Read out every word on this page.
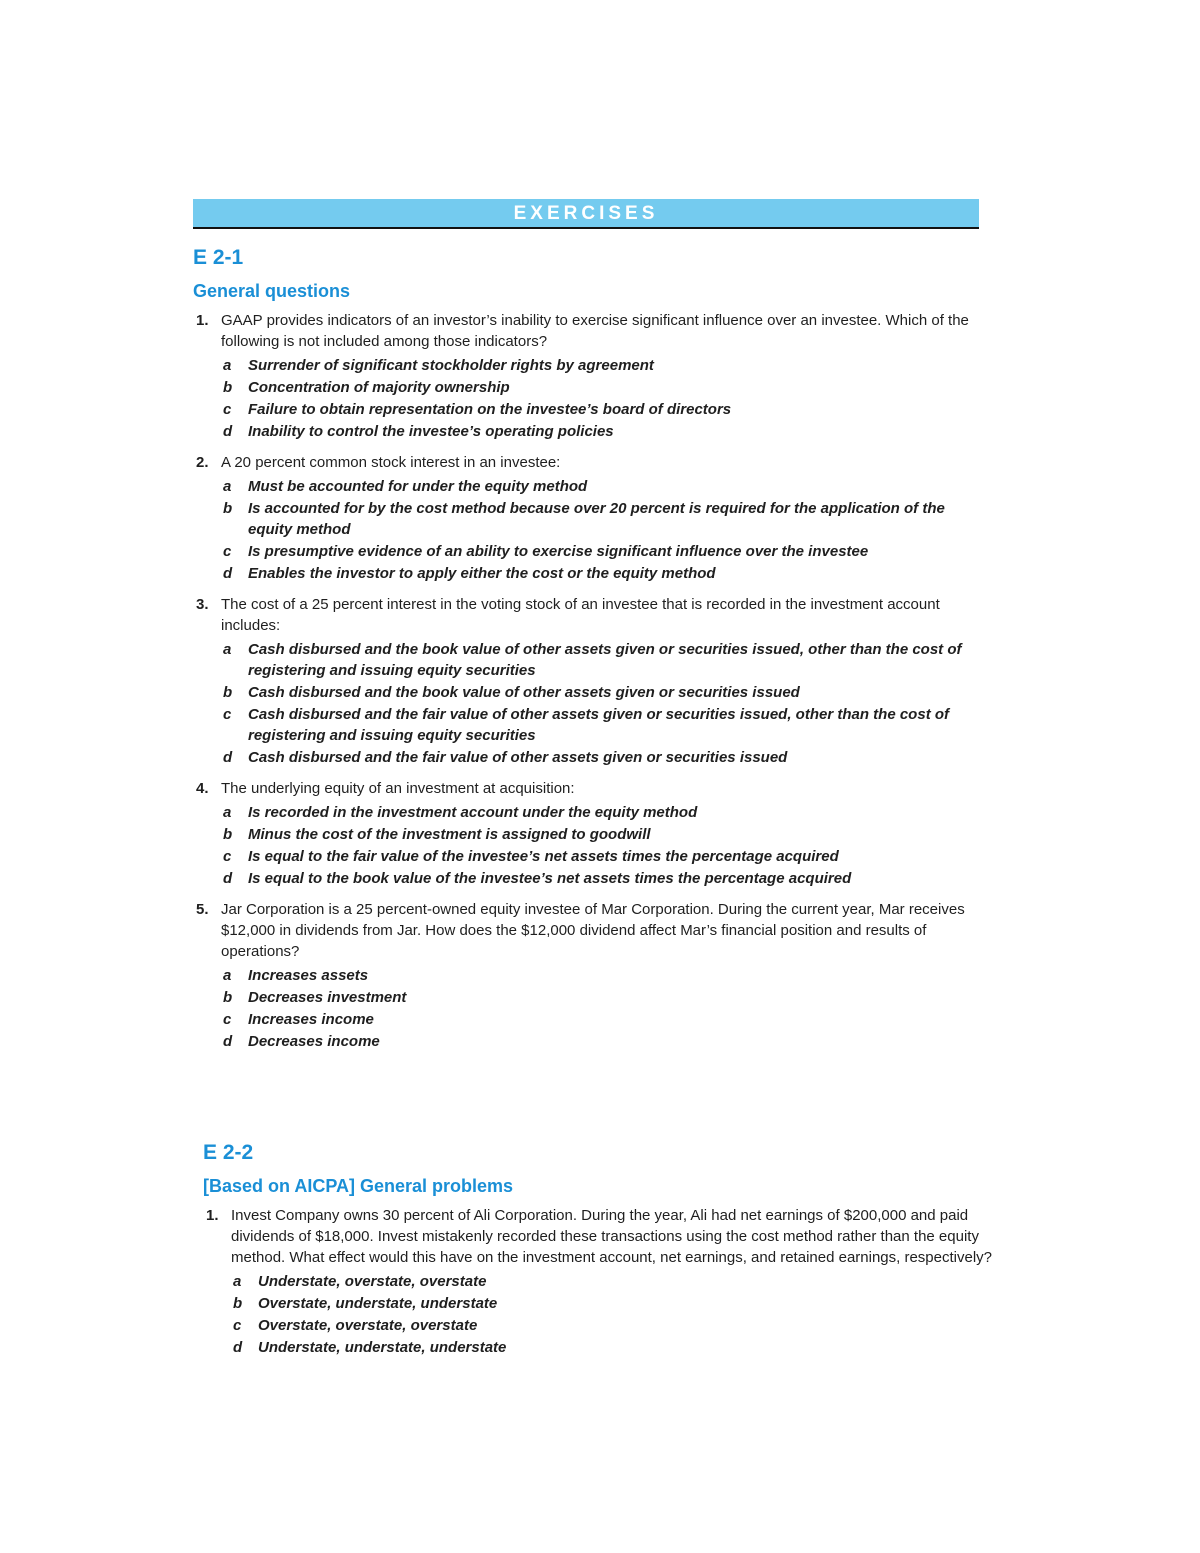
EXERCISES
E 2-1
General questions
1. GAAP provides indicators of an investor’s inability to exercise significant influence over an investee. Which of the following is not included among those indicators?
a Surrender of significant stockholder rights by agreement
b Concentration of majority ownership
c Failure to obtain representation on the investee’s board of directors
d Inability to control the investee’s operating policies
2. A 20 percent common stock interest in an investee:
a Must be accounted for under the equity method
b Is accounted for by the cost method because over 20 percent is required for the application of the equity method
c Is presumptive evidence of an ability to exercise significant influence over the investee
d Enables the investor to apply either the cost or the equity method
3. The cost of a 25 percent interest in the voting stock of an investee that is recorded in the investment account includes:
a Cash disbursed and the book value of other assets given or securities issued, other than the cost of registering and issuing equity securities
b Cash disbursed and the book value of other assets given or securities issued
c Cash disbursed and the fair value of other assets given or securities issued, other than the cost of registering and issuing equity securities
d Cash disbursed and the fair value of other assets given or securities issued
4. The underlying equity of an investment at acquisition:
a Is recorded in the investment account under the equity method
b Minus the cost of the investment is assigned to goodwill
c Is equal to the fair value of the investee’s net assets times the percentage acquired
d Is equal to the book value of the investee’s net assets times the percentage acquired
5. Jar Corporation is a 25 percent-owned equity investee of Mar Corporation. During the current year, Mar receives $12,000 in dividends from Jar. How does the $12,000 dividend affect Mar’s financial position and results of operations?
a Increases assets
b Decreases investment
c Increases income
d Decreases income
E 2-2
[Based on AICPA] General problems
1. Invest Company owns 30 percent of Ali Corporation. During the year, Ali had net earnings of $200,000 and paid dividends of $18,000. Invest mistakenly recorded these transactions using the cost method rather than the equity method. What effect would this have on the investment account, net earnings, and retained earnings, respectively?
a Understate, overstate, overstate
b Overstate, understate, understate
c Overstate, overstate, overstate
d Understate, understate, understate
